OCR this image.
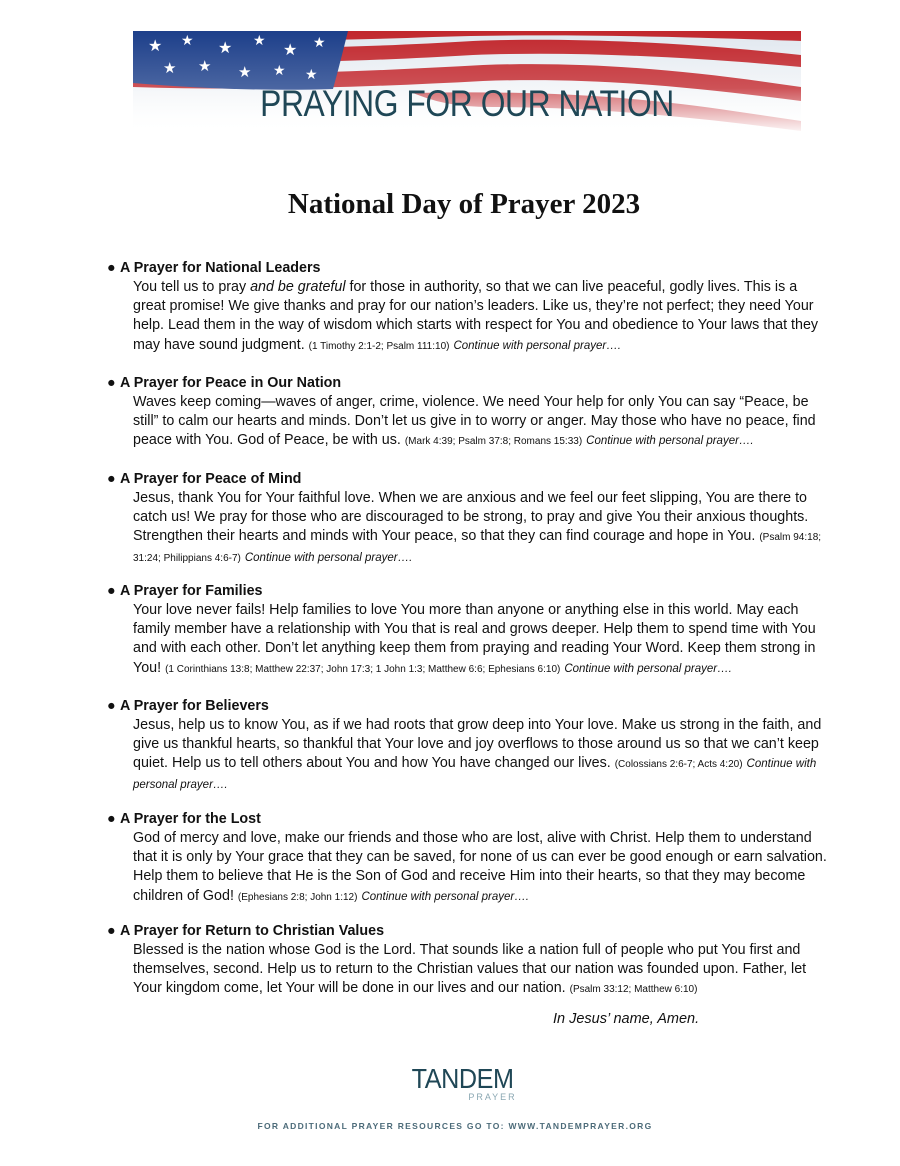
PRAYING FOR OUR NATION
National Day of Prayer 2023
● A Prayer for National Leaders
You tell us to pray and be grateful for those in authority, so that we can live peaceful, godly lives. This is a great promise! We give thanks and pray for our nation’s leaders. Like us, they’re not perfect; they need Your help. Lead them in the way of wisdom which starts with respect for You and obedience to Your laws that they may have sound judgment. (1 Timothy 2:1-2; Psalm 111:10) Continue with personal prayer….
● A Prayer for Peace in Our Nation
Waves keep coming—waves of anger, crime, violence. We need Your help for only You can say “Peace, be still” to calm our hearts and minds. Don’t let us give in to worry or anger. May those who have no peace, find peace with You. God of Peace, be with us. (Mark 4:39; Psalm 37:8; Romans 15:33) Continue with personal prayer….
● A Prayer for Peace of Mind
Jesus, thank You for Your faithful love. When we are anxious and we feel our feet slipping, You are there to catch us! We pray for those who are discouraged to be strong, to pray and give You their anxious thoughts. Strengthen their hearts and minds with Your peace, so that they can find courage and hope in You. (Psalm 94:18; 31:24; Philippians 4:6-7) Continue with personal prayer….
● A Prayer for Families
Your love never fails! Help families to love You more than anyone or anything else in this world. May each family member have a relationship with You that is real and grows deeper. Help them to spend time with You and with each other. Don’t let anything keep them from praying and reading Your Word. Keep them strong in You! (1 Corinthians 13:8; Matthew 22:37; John 17:3; 1 John 1:3; Matthew 6:6; Ephesians 6:10) Continue with personal prayer….
● A Prayer for Believers
Jesus, help us to know You, as if we had roots that grow deep into Your love. Make us strong in the faith, and give us thankful hearts, so thankful that Your love and joy overflows to those around us so that we can’t keep quiet. Help us to tell others about You and how You have changed our lives. (Colossians 2:6-7; Acts 4:20) Continue with personal prayer….
● A Prayer for the Lost
God of mercy and love, make our friends and those who are lost, alive with Christ. Help them to understand that it is only by Your grace that they can be saved, for none of us can ever be good enough or earn salvation. Help them to believe that He is the Son of God and receive Him into their hearts, so that they may become children of God! (Ephesians 2:8; John 1:12) Continue with personal prayer….
● A Prayer for Return to Christian Values
Blessed is the nation whose God is the Lord. That sounds like a nation full of people who put You first and themselves, second. Help us to return to the Christian values that our nation was founded upon. Father, let Your kingdom come, let Your will be done in our lives and our nation. (Psalm 33:12; Matthew 6:10)
In Jesus’ name, Amen.
TANDEM
PRAYER
FOR ADDITIONAL PRAYER RESOURCES GO TO: WWW.TANDEMPRAYER.ORG
